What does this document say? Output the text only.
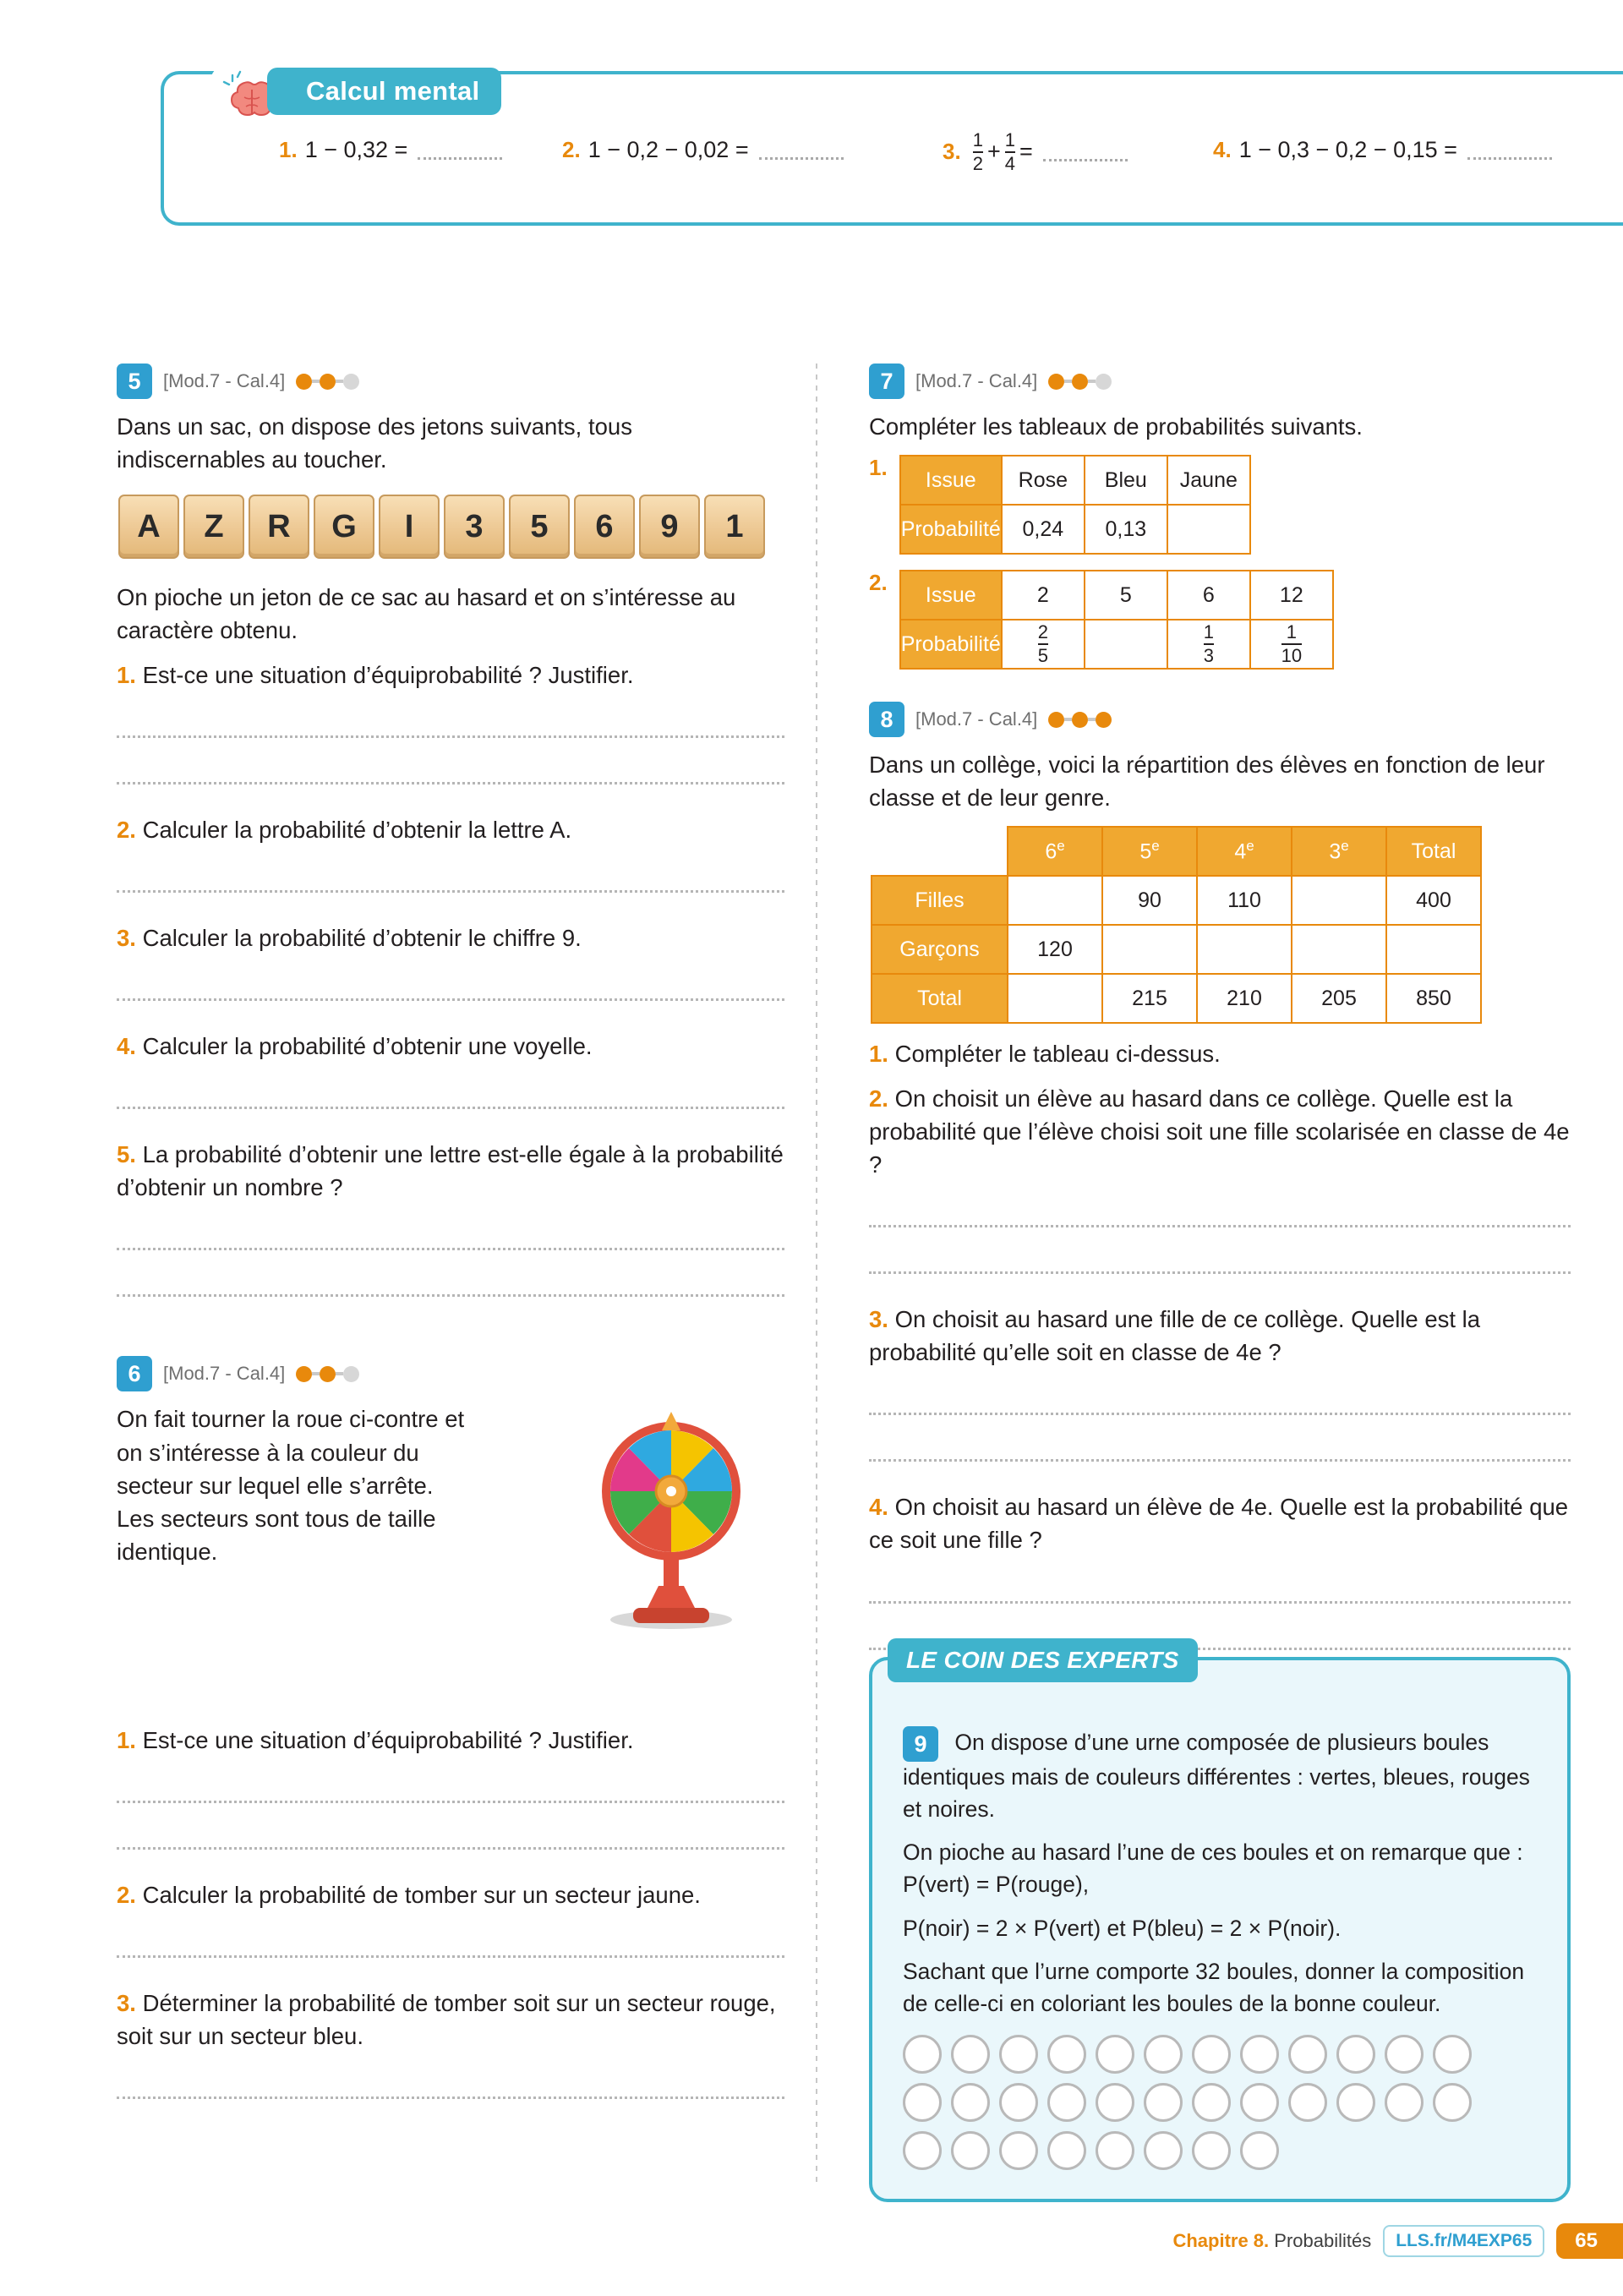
Calcul mental
1. 1 − 0,32 =	2. 1 − 0,2 − 0,02 =	3. $\frac{1}{2} + \frac{1}{4}$ =	4. 1 − 0,3 − 0,2 − 0,15 =
5	[Mod.7 - Cal.4]

Dans un sac, on dispose des jetons suivants, tous indiscernables au toucher.

A	Z	R	G	I	3	5	6	9	1

On pioche un jeton de ce sac au hasard et on s’intéresse au caractère obtenu.

1. Est-ce une situation d’équiprobabilité ? Justifier.

2. Calculer la probabilité d’obtenir la lettre A.

3. Calculer la probabilité d’obtenir le chiffre 9.

4. Calculer la probabilité d’obtenir une voyelle.

5. La probabilité d’obtenir une lettre est-elle égale à la probabilité d’obtenir un nombre ?

6	[Mod.7 - Cal.4]

On fait tourner la roue ci-contre et on s’intéresse à la couleur du secteur sur lequel elle s’arrête. Les secteurs sont tous de taille identique.

1. Est-ce une situation d’équiprobabilité ? Justifier.

2. Calculer la probabilité de tomber sur un secteur jaune.

3. Déterminer la probabilité de tomber soit sur un secteur rouge, soit sur un secteur bleu.

7	[Mod.7 - Cal.4]

Compléter les tableaux de probabilités suivants.

1. Issue	Rose	Bleu	Jaune
Probabilité	0,24	0,13	
2. Issue	2	5	6	12
Probabilité	$\frac{2}{5}$		$\frac{1}{3}$	$\frac{1}{10}$
8	[Mod.7 - Cal.4]

Dans un collège, voici la répartition des élèves en fonction de leur classe et de leur genre.

	6e	5e	4e	3e	Total
Filles		90	110		400
Garçons	120				
Total		215	210	205	850

1. Compléter le tableau ci-dessus.

2. On choisit un élève au hasard dans ce collège. Quelle est la probabilité que l’élève choisi soit une fille scolarisée en classe de 4e ?

3. On choisit au hasard une fille de ce collège. Quelle est la probabilité qu’elle soit en classe de 4e ?

4. On choisit au hasard un élève de 4e. Quelle est la probabilité que ce soit une fille ?

LE COIN DES EXPERTS

9 On dispose d’une urne composée de plusieurs boules identiques mais de couleurs différentes : vertes, bleues, rouges et noires.

On pioche au hasard l’une de ces boules et on remarque que : P(vert) = P(rouge),

P(noir) = 2 × P(vert) et P(bleu) = 2 × P(noir).

Sachant que l’urne comporte 32 boules, donner la composition de celle-ci en coloriant les boules de la bonne couleur.

Chapitre 8. Probabilités	LLS.fr/M4EXP65	65
